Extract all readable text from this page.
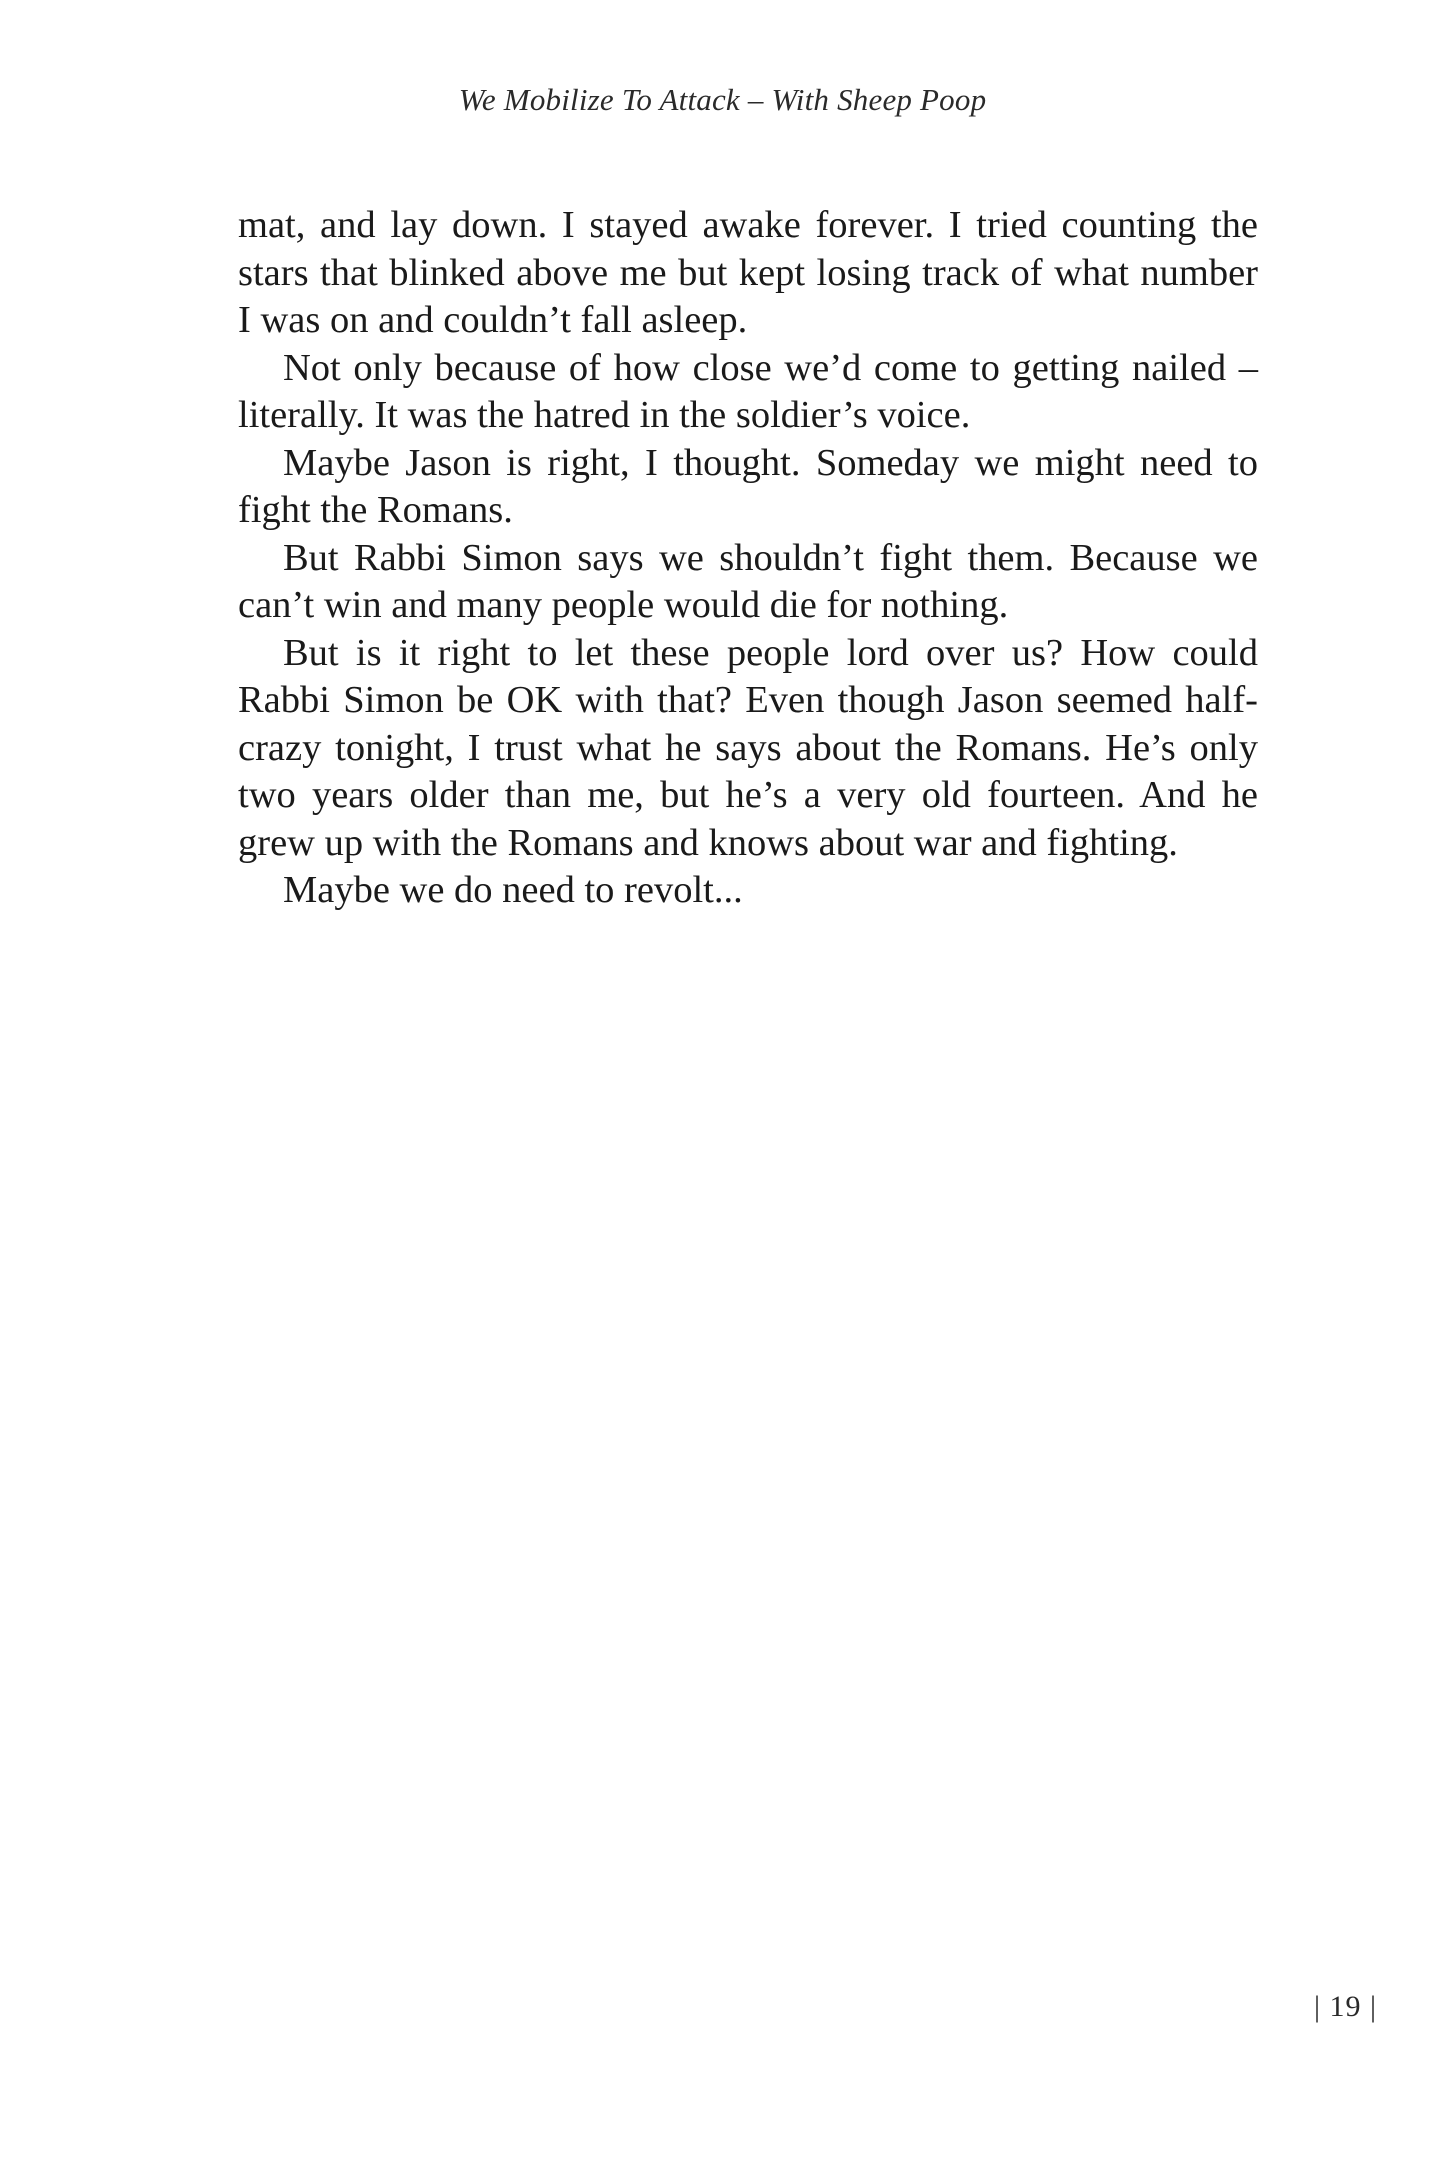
We Mobilize To Attack – With Sheep Poop

mat, and lay down. I stayed awake forever. I tried counting the stars that blinked above me but kept losing track of what number I was on and couldn’t fall asleep.

Not only because of how close we’d come to getting nailed – literally. It was the hatred in the soldier’s voice.

Maybe Jason is right, I thought. Someday we might need to fight the Romans.

But Rabbi Simon says we shouldn’t fight them. Because we can’t win and many people would die for nothing.

But is it right to let these people lord over us? How could Rabbi Simon be OK with that? Even though Jason seemed half-crazy tonight, I trust what he says about the Romans. He’s only two years older than me, but he’s a very old fourteen. And he grew up with the Romans and knows about war and fighting.

Maybe we do need to revolt...

| 19 |
